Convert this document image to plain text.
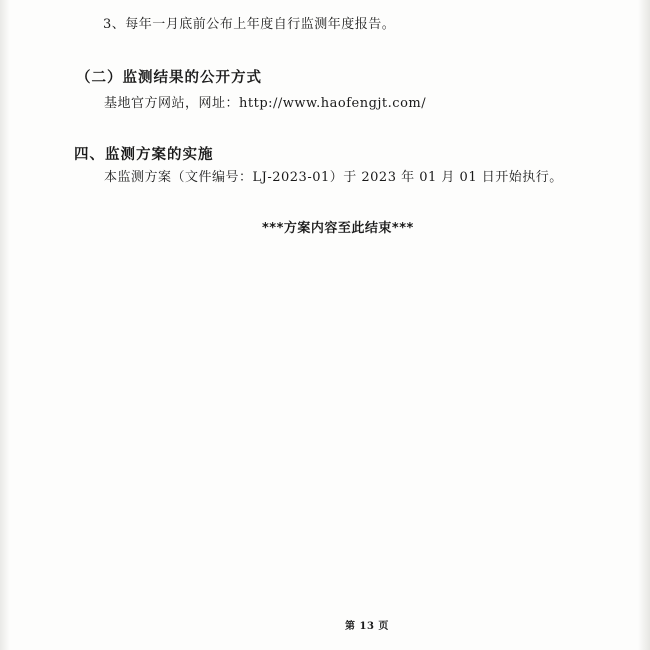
3、每年一月底前公布上年度自行监测年度报告。
（二）监测结果的公开方式
基地官方网站，网址：http://www.haofengjt.com/
四、监测方案的实施
本监测方案（文件编号：LJ-2023-01）于 2023 年 01 月 01 日开始执行。
***方案内容至此结束***
第 13 页
